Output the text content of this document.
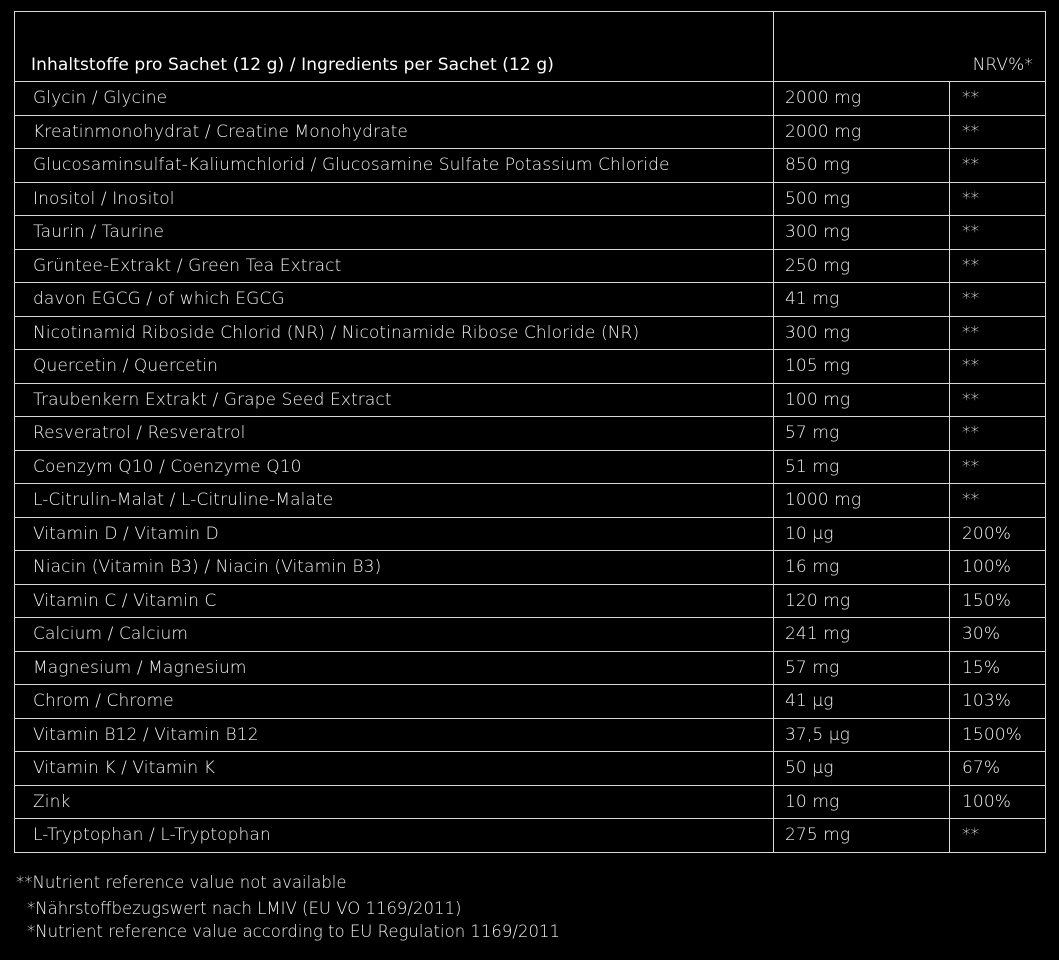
Inhaltstoffe pro Sachet (12 g) / Ingredients per Sachet (12 g)		NRV%*
Glycin / Glycine	2000 mg	**
Kreatinmonohydrat / Creatine Monohydrate	2000 mg	**
Glucosaminsulfat-Kaliumchlorid / Glucosamine Sulfate Potassium Chloride	850 mg	**
Inositol / Inositol	500 mg	**
Taurin / Taurine	300 mg	**
Grüntee-Extrakt / Green Tea Extract	250 mg	**
davon EGCG / of which EGCG	41 mg	**
Nicotinamid Riboside Chlorid (NR) / Nicotinamide Ribose Chloride (NR)	300 mg	**
Quercetin / Quercetin	105 mg	**
Traubenkern Extrakt / Grape Seed Extract	100 mg	**
Resveratrol / Resveratrol	57 mg	**
Coenzym Q10 / Coenzyme Q10	51 mg	**
L-Citrulin-Malat / L-Citruline-Malate	1000 mg	**
Vitamin D / Vitamin D	10 µg	200%
Niacin (Vitamin B3) / Niacin (Vitamin B3)	16 mg	100%
Vitamin C / Vitamin C	120 mg	150%
Calcium / Calcium	241 mg	30%
Magnesium / Magnesium	57 mg	15%
Chrom / Chrome	41 µg	103%
Vitamin B12 / Vitamin B12	37,5 µg	1500%
Vitamin K / Vitamin K	50 µg	67%
Zink	10 mg	100%
L-Tryptophan / L-Tryptophan	275 mg	**
**Nutrient reference value not available
*Nährstoffbezugswert nach LMIV (EU VO 1169/2011)
*Nutrient reference value according to EU Regulation 1169/2011
